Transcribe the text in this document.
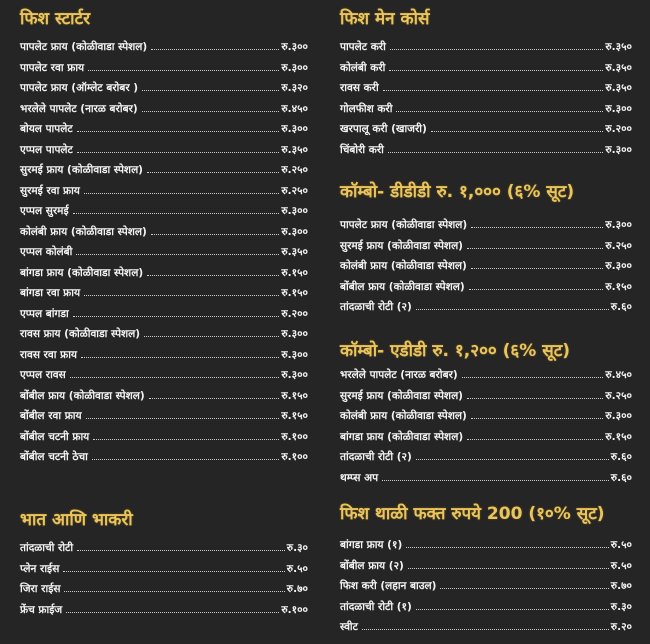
फिश स्टार्टर
पापलेट फ्राय (कोळीवाडा स्पेशल)	रु.३००
पापलेट रवा फ्राय	रु.३००
पापलेट फ्राय (ऑम्लेट बरोबर )	रु.३२०
भरलेले पापलेट (नारळ बरोबर)	रु.४५०
बोयल पापलेट	रु.३००
एप्पल पापलेट	रु.३५०
सुरमई फ्राय (कोळीवाडा स्पेशल)	रु.२५०
सुरमई रवा फ्राय	रु.२५०
एप्पल सुरमई	रु.३००
कोलंबी फ्राय (कोळीवाडा स्पेशल)	रु.३००
एप्पल कोलंबी	रु.३५०
बांगडा फ्राय (कोळीवाडा स्पेशल)	रु.१५०
बांगडा रवा फ्राय	रु.१५०
एप्पल बांगडा	रु.२००
रावस फ्राय (कोळीवाडा स्पेशल)	रु.३००
रावस रवा फ्राय	रु.३००
एप्पल रावस	रु.३००
बोंबील फ्राय (कोळीवाडा स्पेशल)	रु.१५०
बोंबील रवा फ्राय	रु.१५०
बोंबील चटनी फ्राय	रु.१००
बोंबील चटनी ठेचा	रु.१००
भात आणि भाकरी
तांदळाची रोटी	रु.३०
प्लेन राईस	रु.५०
जिरा राईस	रु.७०
फ्रेंच फ्राईज	रु.१००
फिश मेन कोर्स
पापलेट करी	रु.३५०
कोलंबी करी	रु.३५०
रावस करी	रु.३५०
गोलफीश करी	रु.३००
खरपालू करी (खाजरी)	रु.२००
चिंबोरी करी	रु.३००
कॉम्बो- डीडीडी रु. १,००० (६% सूट)
पापलेट फ्राय (कोळीवाडा स्पेशल)	रु.३००
सुरमई फ्राय (कोळीवाडा स्पेशल)	रु.२५०
कोलंबी फ्राय (कोळीवाडा स्पेशल)	रु.३००
बोंबील फ्राय (कोळीवाडा स्पेशल)	रु.१५०
तांदळाची रोटी (२)	रु.६०
कॉम्बो- एडीडी रु. १,२०० (६% सूट)
भरलेले पापलेट (नारळ बरोबर)	रु.४५०
सुरमई फ्राय (कोळीवाडा स्पेशल)	रु.२५०
कोलंबी फ्राय (कोळीवाडा स्पेशल)	रु.३००
बांगडा फ्राय (कोळीवाडा स्पेशल)	रु.१५०
तांदळाची रोटी (२)	रु.६०
थम्प्स अप	रु.६०
फिश थाळी फक्त रुपये 200 (१०% सूट)
बांगडा फ्राय (१)	रु.५०
बोंबील फ्राय (२)	रु.५०
फिश करी (लहान बाउल)	रु.७०
तांदळाची रोटी (१)	रु.३०
स्वीट	रु.२०
